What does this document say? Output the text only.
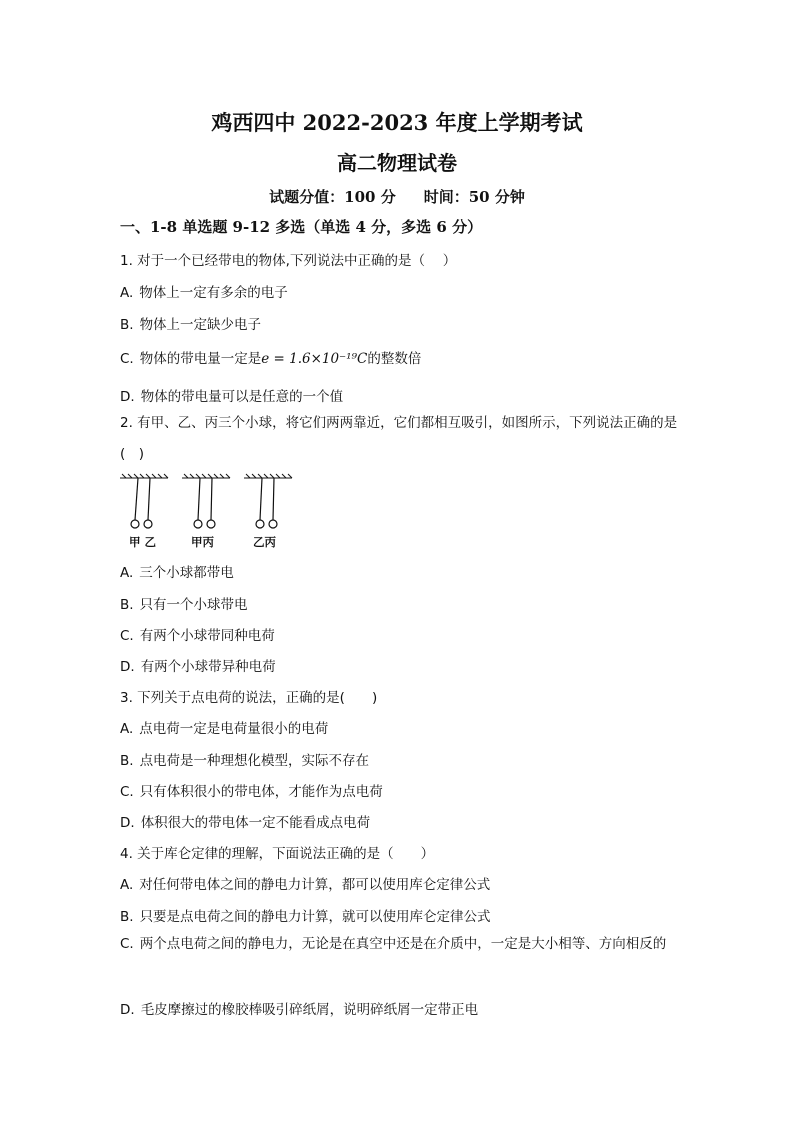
鸡西四中 2022-2023 年度上学期考试
高二物理试卷
试题分值：100 分 时间：50 分钟
一、1-8 单选题 9-12 多选（单选 4 分，多选 6 分）
1. 对于一个已经带电的物体,下列说法中正确的是（　 ）
A. 物体上一定有多余的电子
B. 物体上一定缺少电子
C. 物体的带电量一定是e = 1.6×10⁻¹⁹C的整数倍
D. 物体的带电量可以是任意的一个值
2. 有甲、乙、丙三个小球，将它们两两靠近，它们都相互吸引，如图所示，下列说法正确的是(　)
甲 乙	甲丙	乙丙
A. 三个小球都带电
B. 只有一个小球带电
C. 有两个小球带同种电荷
D. 有两个小球带异种电荷
3. 下列关于点电荷的说法，正确的是(　　)
A. 点电荷一定是电荷量很小的电荷
B. 点电荷是一种理想化模型，实际不存在
C. 只有体积很小的带电体，才能作为点电荷
D. 体积很大的带电体一定不能看成点电荷
4. 关于库仑定律的理解，下面说法正确的是（　　）
A. 对任何带电体之间的静电力计算，都可以使用库仑定律公式
B. 只要是点电荷之间的静电力计算，就可以使用库仑定律公式
C. 两个点电荷之间的静电力，无论是在真空中还是在介质中，一定是大小相等、方向相反的
D. 毛皮摩擦过的橡胶棒吸引碎纸屑，说明碎纸屑一定带正电
